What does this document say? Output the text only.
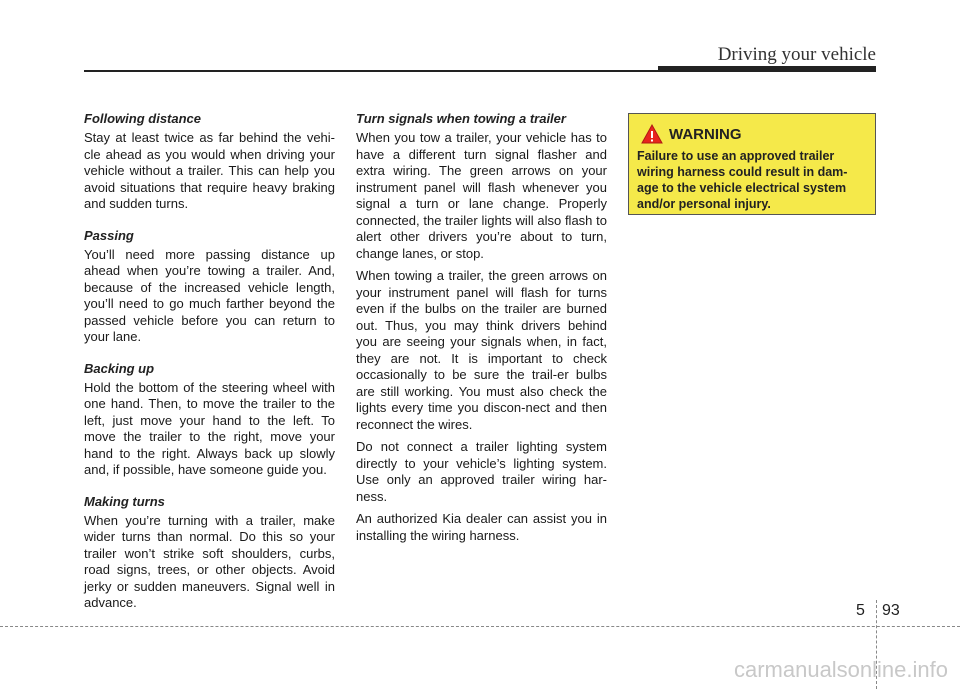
Driving your vehicle
Following distance

Stay at least twice as far behind the vehi-cle ahead as you would when driving your vehicle without a trailer. This can help you avoid situations that require heavy braking and sudden turns.

Passing

You’ll need more passing distance up ahead when you’re towing a trailer. And, because of the increased vehicle length, you’ll need to go much farther beyond the passed vehicle before you can return to your lane.

Backing up

Hold the bottom of the steering wheel with one hand. Then, to move the trailer to the left, just move your hand to the left. To move the trailer to the right, move your hand to the right. Always back up slowly and, if possible, have someone guide you.

Making turns

When you’re turning with a trailer, make wider turns than normal. Do this so your trailer won’t strike soft shoulders, curbs, road signs, trees, or other objects. Avoid jerky or sudden maneuvers. Signal well in advance.

Turn signals when towing a trailer

When you tow a trailer, your vehicle has to have a different turn signal flasher and extra wiring. The green arrows on your instrument panel will flash whenever you signal a turn or lane change. Properly connected, the trailer lights will also flash to alert other drivers you’re about to turn, change lanes, or stop.

When towing a trailer, the green arrows on your instrument panel will flash for turns even if the bulbs on the trailer are burned out. Thus, you may think drivers behind you are seeing your signals when, in fact, they are not. It is important to check occasionally to be sure the trail-er bulbs are still working. You must also check the lights every time you discon-nect and then reconnect the wires.

Do not connect a trailer lighting system directly to your vehicle’s lighting system. Use only an approved trailer wiring har-ness.

An authorized Kia dealer can assist you in installing the wiring harness.

WARNING

Failure to use an approved trailer wiring harness could result in dam-age to the vehicle electrical system and/or personal injury.

5 93
carmanualsonline.info
